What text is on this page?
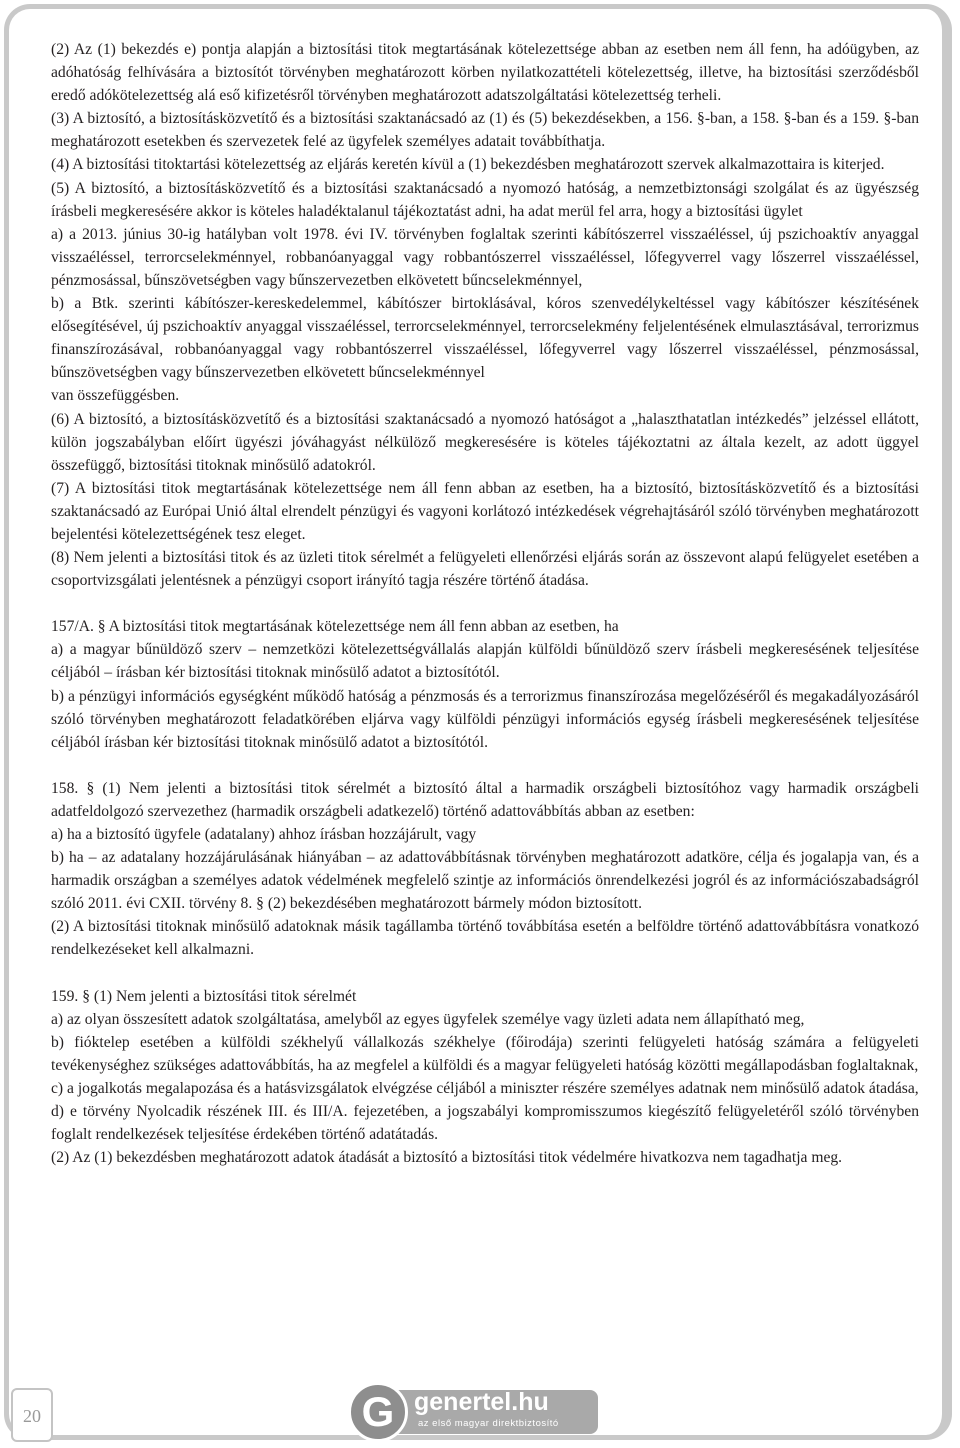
(2) Az (1) bekezdés e) pontja alapján a biztosítási titok megtartásának kötelezettsége abban az esetben nem áll fenn, ha adóügyben, az adóhatóság felhívására a biztosítót törvényben meghatározott körben nyilatkozattételi kötelezettség, illetve, ha biztosítási szerződésből eredő adókötelezettség alá eső kifizetésről törvényben meghatározott adatszolgáltatási kötelezettség terheli.

(3) A biztosító, a biztosításközvetítő és a biztosítási szaktanácsadó az (1) és (5) bekezdésekben, a 156. §-ban, a 158. §-ban és a 159. §-ban meghatározott esetekben és szervezetek felé az ügyfelek személyes adatait továbbíthatja.

(4) A biztosítási titoktartási kötelezettség az eljárás keretén kívül a (1) bekezdésben meghatározott szervek alkalmazottaira is kiterjed.

(5) A biztosító, a biztosításközvetítő és a biztosítási szaktanácsadó a nyomozó hatóság, a nemzetbiztonsági szolgálat és az ügyészség írásbeli megkeresésére akkor is köteles haladéktalanul tájékoztatást adni, ha adat merül fel arra, hogy a biztosítási ügylet

a) a 2013. június 30-ig hatályban volt 1978. évi IV. törvényben foglaltak szerinti kábítószerrel visszaéléssel, új pszichoaktív anyaggal visszaéléssel, terrorcselekménnyel, robbanóanyaggal vagy robbantószerrel visszaéléssel, lőfegyverrel vagy lőszerrel visszaéléssel, pénzmosással, bűnszövetségben vagy bűnszervezetben elkövetett bűncselekménnyel,

b) a Btk. szerinti kábítószer-kereskedelemmel, kábítószer birtoklásával, kóros szenvedélykeltéssel vagy kábítószer készítésének elősegítésével, új pszichoaktív anyaggal visszaéléssel, terrorcselekménnyel, terrorcselekmény feljelentésének elmulasztásával, terrorizmus finanszírozásával, robbanóanyaggal vagy robbantószerrel visszaéléssel, lőfegyverrel vagy lőszerrel visszaéléssel, pénzmosással, bűnszövetségben vagy bűnszervezetben elkövetett bűncselekménnyel

van összefüggésben.

(6) A biztosító, a biztosításközvetítő és a biztosítási szaktanácsadó a nyomozó hatóságot a „halaszthatatlan intézkedés” jelzéssel ellátott, külön jogszabályban előírt ügyészi jóváhagyást nélkülöző megkeresésére is köteles tájékoztatni az általa kezelt, az adott üggyel összefüggő, biztosítási titoknak minősülő adatokról.

(7) A biztosítási titok megtartásának kötelezettsége nem áll fenn abban az esetben, ha a biztosító, biztosításközvetítő és a biztosítási szaktanácsadó az Európai Unió által elrendelt pénzügyi és vagyoni korlátozó intézkedések végrehajtásáról szóló törvényben meghatározott bejelentési kötelezettségének tesz eleget.

(8) Nem jelenti a biztosítási titok és az üzleti titok sérelmét a felügyeleti ellenőrzési eljárás során az összevont alapú felügyelet esetében a csoportvizsgálati jelentésnek a pénzügyi csoport irányító tagja részére történő átadása.

157/A. § A biztosítási titok megtartásának kötelezettsége nem áll fenn abban az esetben, ha

a) a magyar bűnüldöző szerv – nemzetközi kötelezettségvállalás alapján külföldi bűnüldöző szerv írásbeli megkeresésének teljesítése céljából – írásban kér biztosítási titoknak minősülő adatot a biztosítótól.

b) a pénzügyi információs egységként működő hatóság a pénzmosás és a terrorizmus finanszírozása megelőzéséről és megakadályozásáról szóló törvényben meghatározott feladatkörében eljárva vagy külföldi pénzügyi információs egység írásbeli megkeresésének teljesítése céljából írásban kér biztosítási titoknak minősülő adatot a biztosítótól.

158. § (1) Nem jelenti a biztosítási titok sérelmét a biztosító által a harmadik országbeli biztosítóhoz vagy harmadik országbeli adatfeldolgozó szervezethez (harmadik országbeli adatkezelő) történő adattovábbítás abban az esetben:

a) ha a biztosító ügyfele (adatalany) ahhoz írásban hozzájárult, vagy

b) ha – az adatalany hozzájárulásának hiányában – az adattovábbításnak törvényben meghatározott adatköre, célja és jogalapja van, és a harmadik országban a személyes adatok védelmének megfelelő szintje az információs önrendelkezési jogról és az információszabadságról szóló 2011. évi CXII. törvény 8. § (2) bekezdésében meghatározott bármely módon biztosított.

(2) A biztosítási titoknak minősülő adatoknak másik tagállamba történő továbbítása esetén a belföldre történő adattovábbításra vonatkozó rendelkezéseket kell alkalmazni.

159. § (1) Nem jelenti a biztosítási titok sérelmét

a) az olyan összesített adatok szolgáltatása, amelyből az egyes ügyfelek személye vagy üzleti adata nem állapítható meg,

b) fióktelep esetében a külföldi székhelyű vállalkozás székhelye (főirodája) szerinti felügyeleti hatóság számára a felügyeleti tevékenységhez szükséges adattovábbítás, ha az megfelel a külföldi és a magyar felügyeleti hatóság közötti megállapodásban foglaltaknak,

c) a jogalkotás megalapozása és a hatásvizsgálatok elvégzése céljából a miniszter részére személyes adatnak nem minősülő adatok átadása,

d) e törvény Nyolcadik részének III. és III/A. fejezetében, a jogszabályi kompromisszumos kiegészítő felügyeletéről szóló törvényben foglalt rendelkezések teljesítése érdekében történő adatátadás.

(2) Az (1) bekezdésben meghatározott adatok átadását a biztosító a biztosítási titok védelmére hivatkozva nem tagadhatja meg.

20	G genertel.hu
az első magyar direktbiztosító
